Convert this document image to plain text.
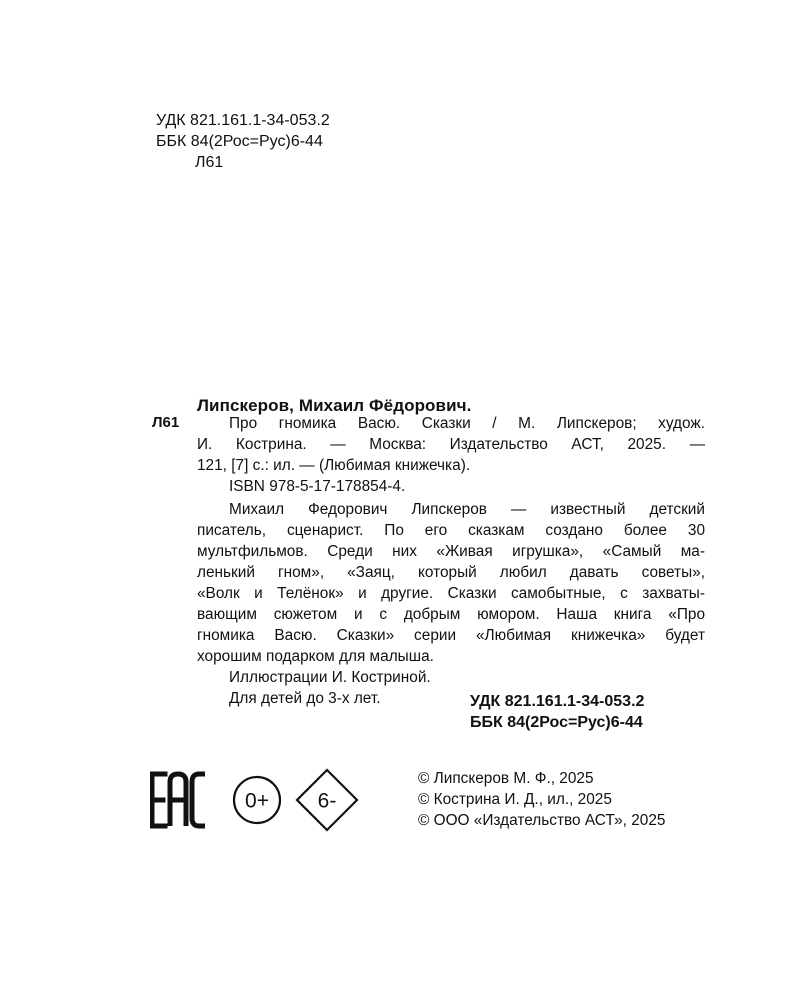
УДК 821.161.1-34-053.2
ББК 84(2Рос=Рус)6-44
Л61
Липскеров, Михаил Фёдорович.
Л61	Про гномика Васю. Сказки / М. Липскеров; худож.
И. Кострина. — Москва: Издательство АСТ, 2025. —
121, [7] с.: ил. — (Любимая книжечка).
ISBN 978-5-17-178854-4.
Михаил Федорович Липскеров — известный детский
писатель, сценарист. По его сказкам создано более 30
мультфильмов. Среди них «Живая игрушка», «Самый ма-
ленький гном», «Заяц, который любил давать советы»,
«Волк и Телёнок» и другие. Сказки самобытные, с захваты-
вающим сюжетом и с добрым юмором. Наша книга «Про
гномика Васю. Сказки» серии «Любимая книжечка» будет
хорошим подарком для малыша.
Иллюстрации И. Костриной.
Для детей до 3-х лет.	УДК 821.161.1-34-053.2
ББК 84(2Рос=Рус)6-44
0+ 6-
© Липскеров М. Ф., 2025
© Кострина И. Д., ил., 2025
© ООО «Издательство АСТ», 2025
